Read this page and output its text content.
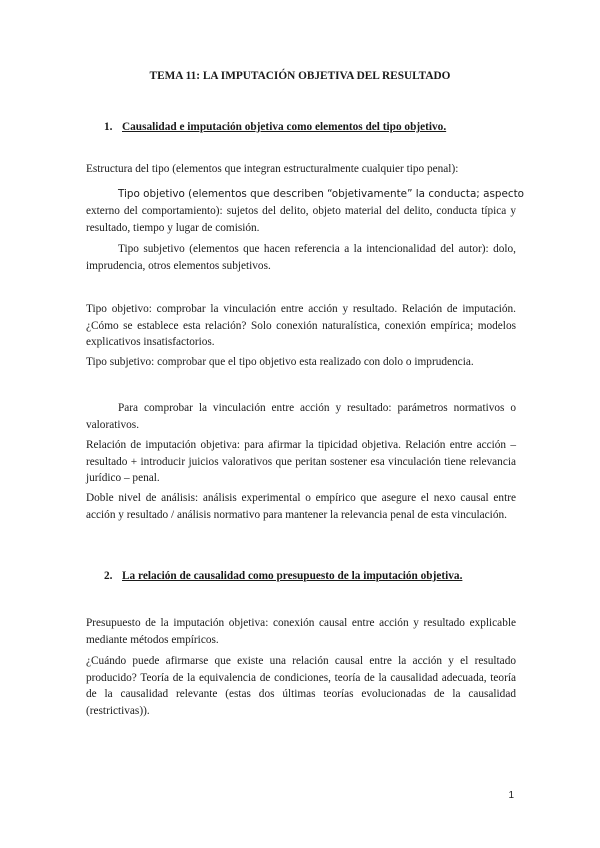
TEMA 11: LA IMPUTACIÓN OBJETIVA DEL RESULTADO

1. Causalidad e imputación objetiva como elementos del tipo objetivo.

Estructura del tipo (elementos que integran estructuralmente cualquier tipo penal):

Tipo objetivo (elementos que describen “objetivamente” la conducta; aspecto

externo del comportamiento): sujetos del delito, objeto material del delito, conducta típica y resultado, tiempo y lugar de comisión.

Tipo subjetivo (elementos que hacen referencia a la intencionalidad del autor): dolo, imprudencia, otros elementos subjetivos.

Tipo objetivo: comprobar la vinculación entre acción y resultado. Relación de imputación. ¿Cómo se establece esta relación? Solo conexión naturalística, conexión empírica; modelos explicativos insatisfactorios.

Tipo subjetivo: comprobar que el tipo objetivo esta realizado con dolo o imprudencia.

Para comprobar la vinculación entre acción y resultado: parámetros normativos o valorativos.

Relación de imputación objetiva: para afirmar la tipicidad objetiva. Relación entre acción – resultado + introducir juicios valorativos que peritan sostener esa vinculación tiene relevancia jurídico – penal.

Doble nivel de análisis: análisis experimental o empírico que asegure el nexo causal entre acción y resultado / análisis normativo para mantener la relevancia penal de esta vinculación.

2. La relación de causalidad como presupuesto de la imputación objetiva.

Presupuesto de la imputación objetiva: conexión causal entre acción y resultado explicable mediante métodos empíricos.

¿Cuándo puede afirmarse que existe una relación causal entre la acción y el resultado producido? Teoría de la equivalencia de condiciones, teoría de la causalidad adecuada, teoría de la causalidad relevante (estas dos últimas teorías evolucionadas de la causalidad (restrictivas)).

1
